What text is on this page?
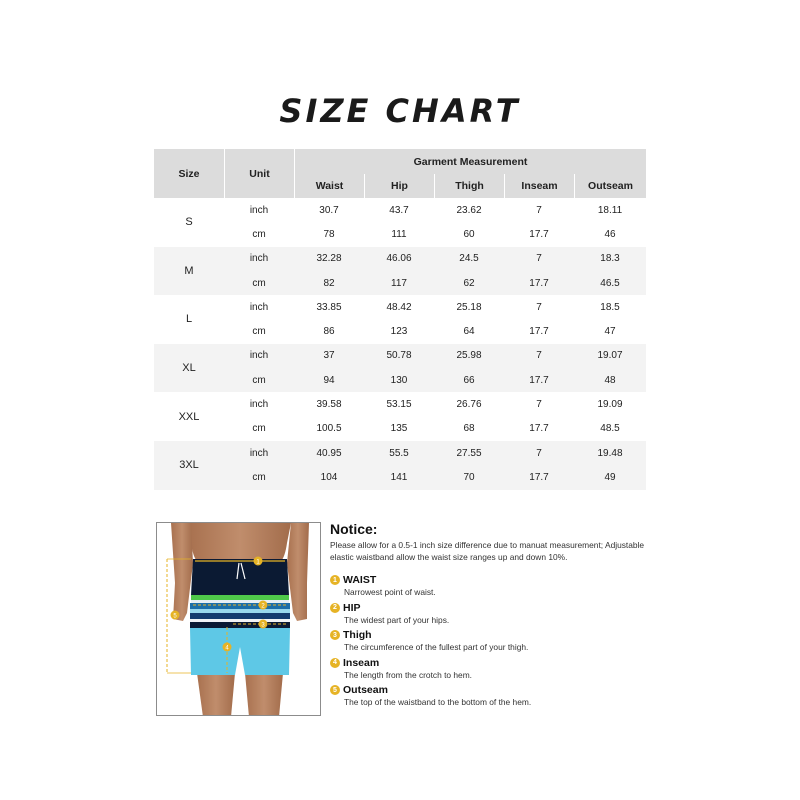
SIZE CHART
Size	Unit	Garment Measurement				
		Waist	Hip	Thigh	Inseam	Outseam
S	inch	30.7	43.7	23.62	7	18.11
	cm	78	111	60	17.7	46
M	inch	32.28	46.06	24.5	7	18.3
	cm	82	117	62	17.7	46.5
L	inch	33.85	48.42	25.18	7	18.5
	cm	86	123	64	17.7	47
XL	inch	37	50.78	25.98	7	19.07
	cm	94	130	66	17.7	48
XXL	inch	39.58	53.15	26.76	7	19.09
	cm	100.5	135	68	17.7	48.5
3XL	inch	40.95	55.5	27.55	7	19.48
	cm	104	141	70	17.7	49
1
2
3
4
5
Notice:
Please allow for a 0.5-1 inch size difference due to manuat measurement; Adjustable elastic waistband allow the waist size ranges up and down 10%.
1 WAIST
Narrowest point of waist.
2 HIP
The widest part of your hips.
3 Thigh
The circumference of the fullest part of your thigh.
4 Inseam
The length from the crotch to hem.
5 Outseam
The top of the waistband to the bottom of the hem.
